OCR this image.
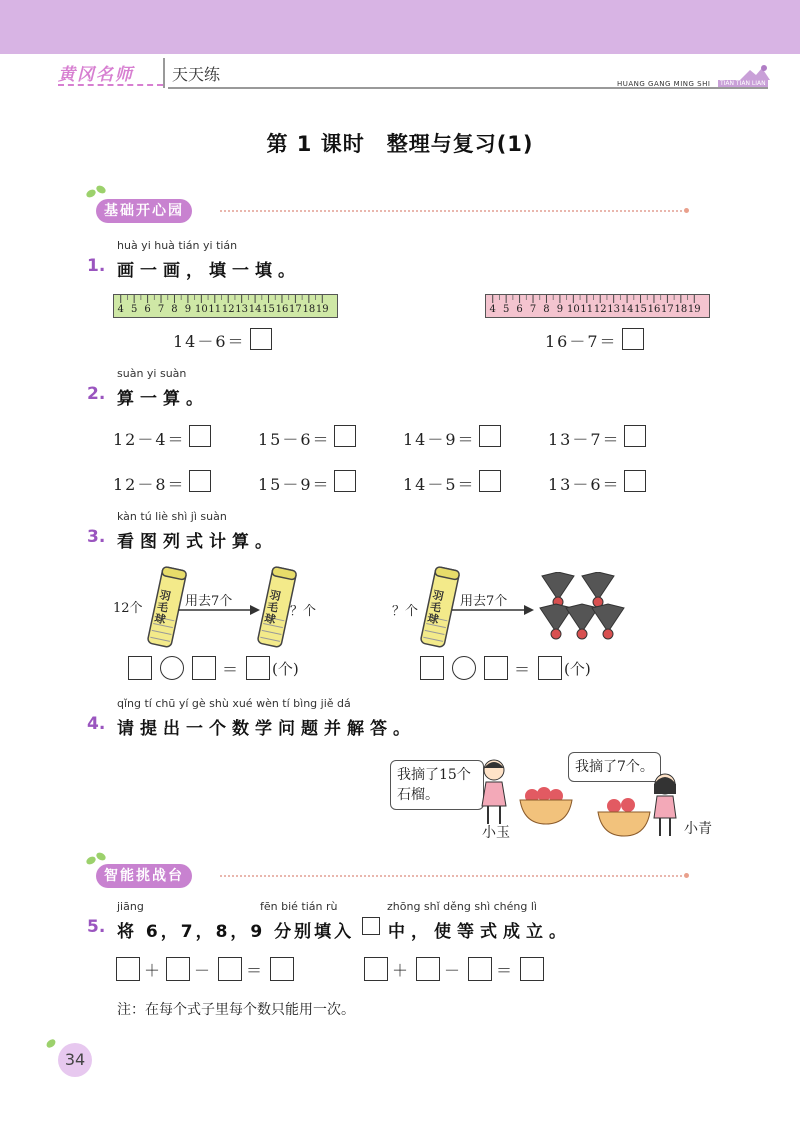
黄冈名师 天天练	HUANG GANG MING SHI	TIAN TIAN LIAN
第 1 课时　整理与复习(1)
基础开心园
huà yi huà tián yi tián
1. 画一画，填一填。
4 5 6 7 8 9 10111213141516171819
14－6＝
4 5 6 7 8 9 10111213141516171819
16－7＝
suàn yi suàn
2. 算一算。
12－4＝	15－6＝	14－9＝	13－7＝
12－8＝	15－9＝	14－5＝	13－6＝
kàn tú liè shì jì suàn
3. 看图列式计算。
12个
羽毛球
用去7个	羽毛球
？个
＝ (个)
？个
羽毛球
用去7个
＝ (个)
qǐng tí chū yí gè shù xué wèn tí bìng jiě dá
4. 请提出一个数学问题并解答。
我摘了15个石榴。
我摘了7个。
小玉	小青
智能挑战台
jiāng	fēn bié tián rù	zhōng shǐ děng shì chéng lì
5. 将 6，7，8，9 分别填入 中，使等式成立。
＋ － ＝	＋ － ＝
注：在每个式子里每个数只能用一次。
34
